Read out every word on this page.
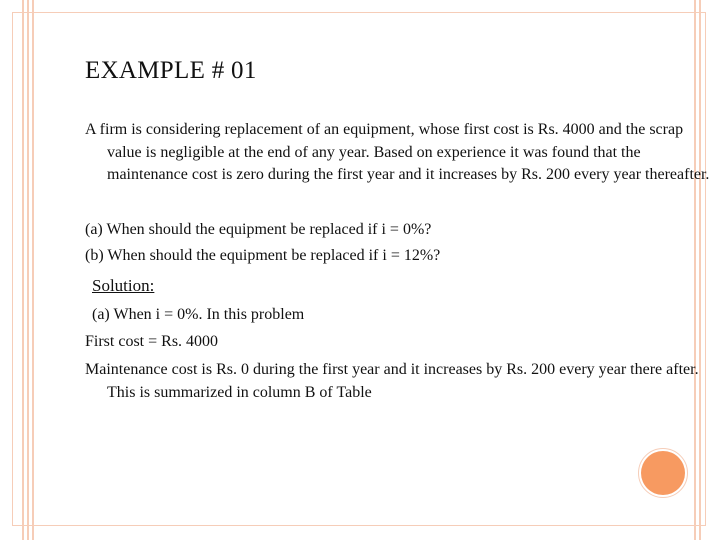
EXAMPLE # 01

A firm is considering replacement of an equipment, whose first cost is Rs. 4000 and the scrap value is negligible at the end of any year. Based on experience it was found that the maintenance cost is zero during the first year and it increases by Rs. 200 every year thereafter.

(a) When should the equipment be replaced if i = 0%?

(b) When should the equipment be replaced if i = 12%?

Solution:

(a) When i = 0%. In this problem

First cost = Rs. 4000

Maintenance cost is Rs. 0 during the first year and it increases by Rs. 200 every year there after. This is summarized in column B of Table
